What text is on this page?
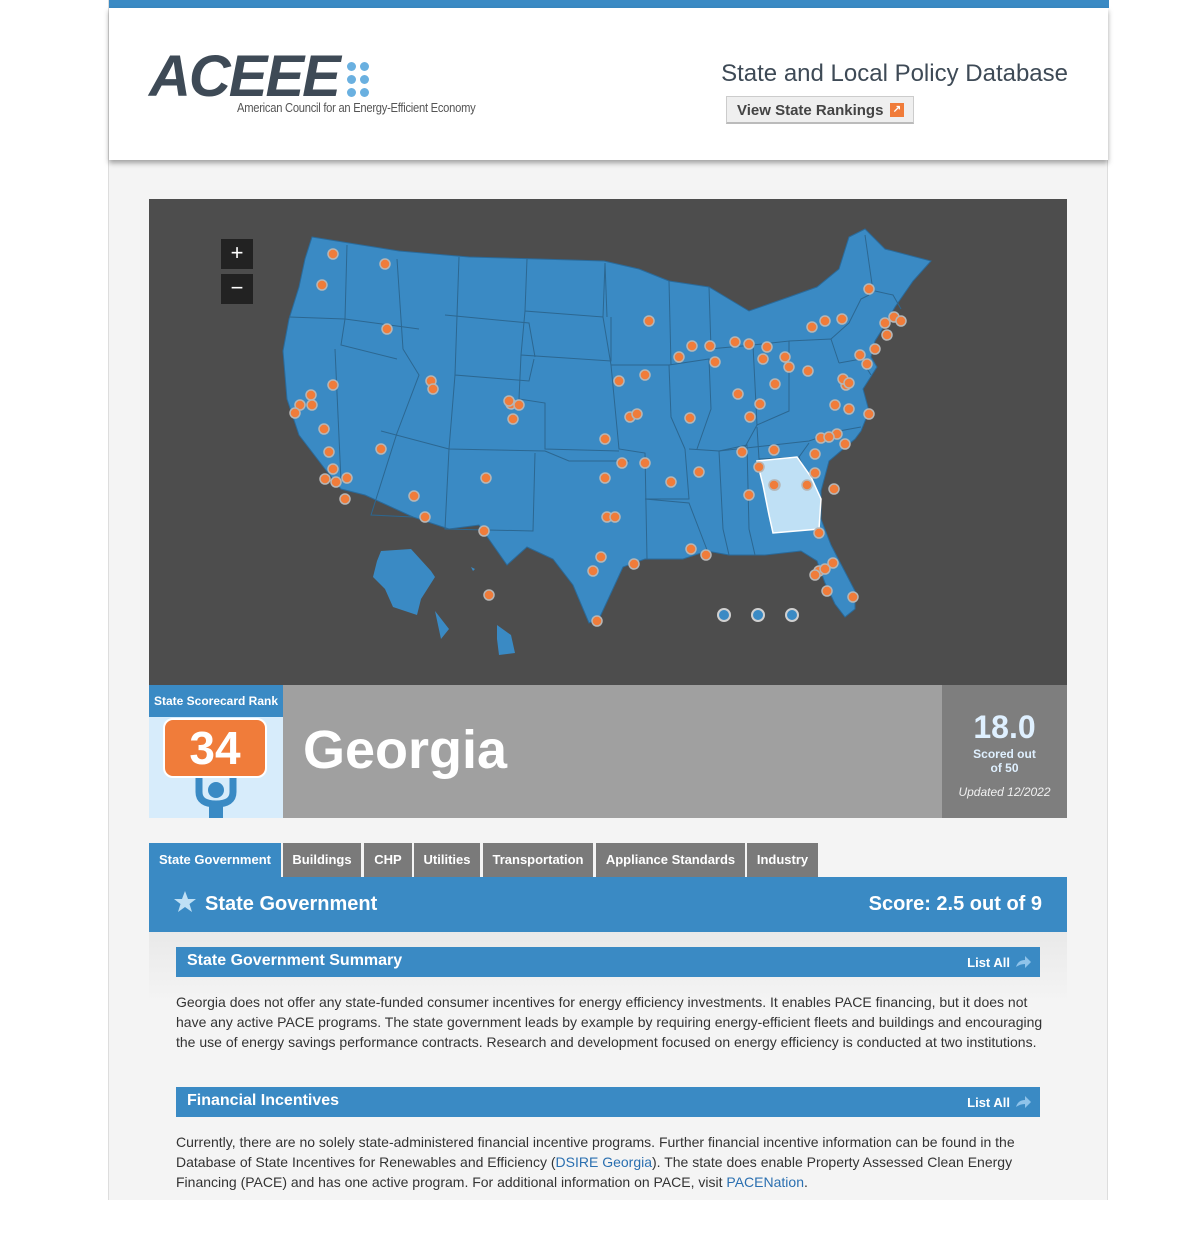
ACEEE
American Council for an Energy-Efficient Economy
State and Local Policy Database
View State Rankings ↗
+
−
State Scorecard Rank
34	Georgia	18.0
Scored out of 50
Updated 12/2022
State Government	Buildings	CHP	Utilities	Transportation	Appliance Standards	Industry
State Government	Score: 2.5 out of 9
State Government Summary	List All

Georgia does not offer any state-funded consumer incentives for energy efficiency investments. It enables PACE financing, but it does not have any active PACE programs. The state government leads by example by requiring energy-efficient fleets and buildings and encouraging the use of energy savings performance contracts. Research and development focused on energy efficiency is conducted at two institutions.

Financial Incentives	List All

Currently, there are no solely state-administered financial incentive programs. Further financial incentive information can be found in the Database of State Incentives for Renewables and Efficiency (DSIRE Georgia). The state does enable Property Assessed Clean Energy Financing (PACE) and has one active program. For additional information on PACE, visit PACENation.
